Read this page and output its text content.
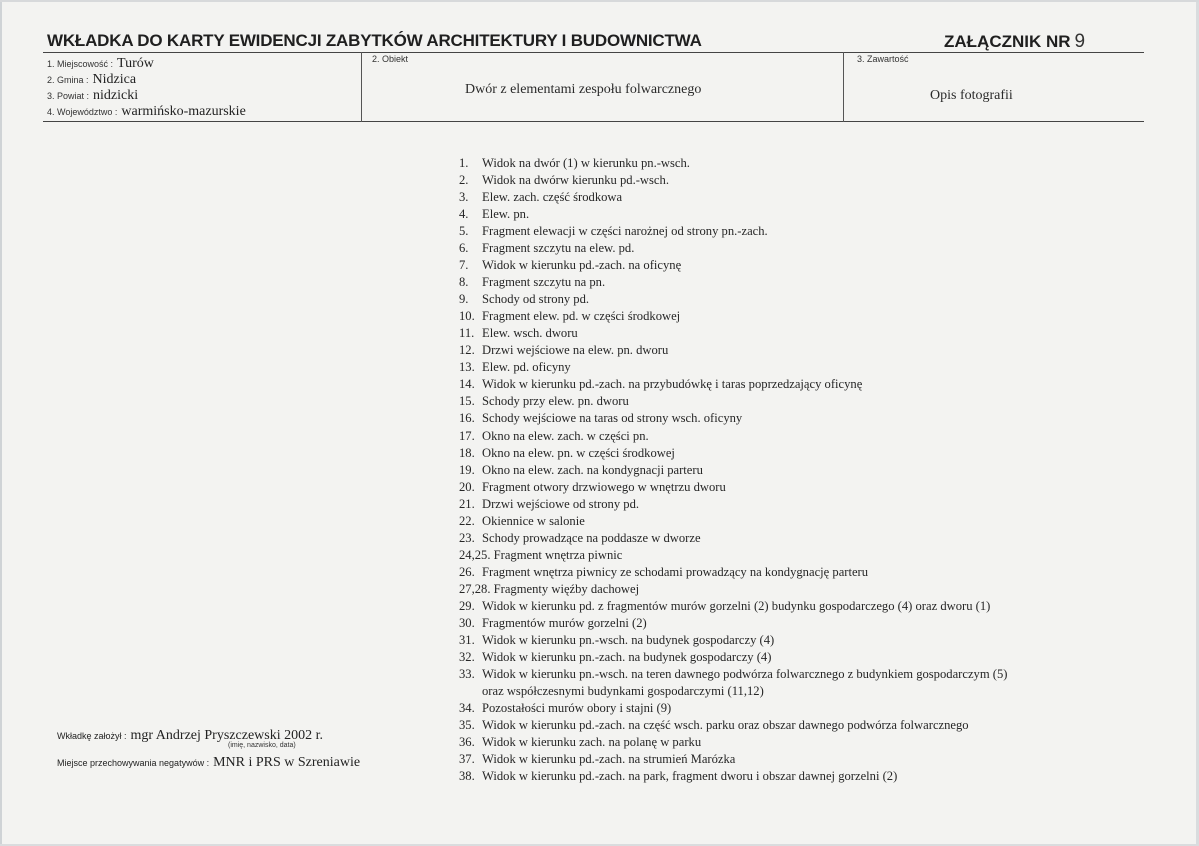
WKŁADKA DO KARTY EWIDENCJI ZABYTKÓW ARCHITEKTURY I BUDOWNICTWA	ZAŁĄCZNIK NR 9
1. Miejscowość : Turów
2. Gmina : Nidzica
3. Powiat : nidzicki
4. Województwo : warmińsko-mazurskie
2. Obiekt
Dwór z elementami zespołu folwarcznego
3. Zawartość
Opis fotografii
1. Widok na dwór (1) w kierunku pn.-wsch.
2. Widok na dwórw kierunku pd.-wsch.
3. Elew. zach. część środkowa
4. Elew. pn.
5. Fragment elewacji w części narożnej od strony pn.-zach.
6. Fragment szczytu na elew. pd.
7. Widok w kierunku pd.-zach. na oficynę
8. Fragment szczytu na pn.
9. Schody od strony pd.
10. Fragment elew. pd. w części środkowej
11. Elew. wsch. dworu
12. Drzwi wejściowe na elew. pn. dworu
13. Elew. pd. oficyny
14. Widok w kierunku pd.-zach. na przybudówkę i taras poprzedzający oficynę
15. Schody przy elew. pn. dworu
16. Schody wejściowe na taras od strony wsch. oficyny
17. Okno na elew. zach. w części pn.
18. Okno na elew. pn. w części środkowej
19. Okno na elew. zach. na kondygnacji parteru
20. Fragment otwory drzwiowego w wnętrzu dworu
21. Drzwi wejściowe od strony pd.
22. Okiennice w salonie
23. Schody prowadzące na poddasze w dworze
24,25. Fragment wnętrza piwnic
26. Fragment wnętrza piwnicy ze schodami prowadzący na kondygnację parteru
27,28. Fragmenty więźby dachowej
29. Widok w kierunku pd. z fragmentów murów gorzelni (2) budynku gospodarczego (4) oraz dworu (1)
30. Fragmentów murów gorzelni (2)
31. Widok w kierunku pn.-wsch. na budynek gospodarczy (4)
32. Widok w kierunku pn.-zach. na budynek gospodarczy (4)
33. Widok w kierunku pn.-wsch. na teren dawnego podwórza folwarcznego z budynkiem gospodarczym (5)
oraz współczesnymi budynkami gospodarczymi (11,12)
34. Pozostałości murów obory i stajni (9)
35. Widok w kierunku pd.-zach. na część wsch. parku oraz obszar dawnego podwórza folwarcznego
36. Widok w kierunku zach. na polanę w parku
37. Widok w kierunku pd.-zach. na strumień Marózka
38. Widok w kierunku pd.-zach. na park, fragment dworu i obszar dawnej gorzelni (2)
Wkładkę założył : mgr Andrzej Pryszczewski 2002 r.
(imię, nazwisko, data)
Miejsce przechowywania negatywów : MNR i PRS w Szreniawie
